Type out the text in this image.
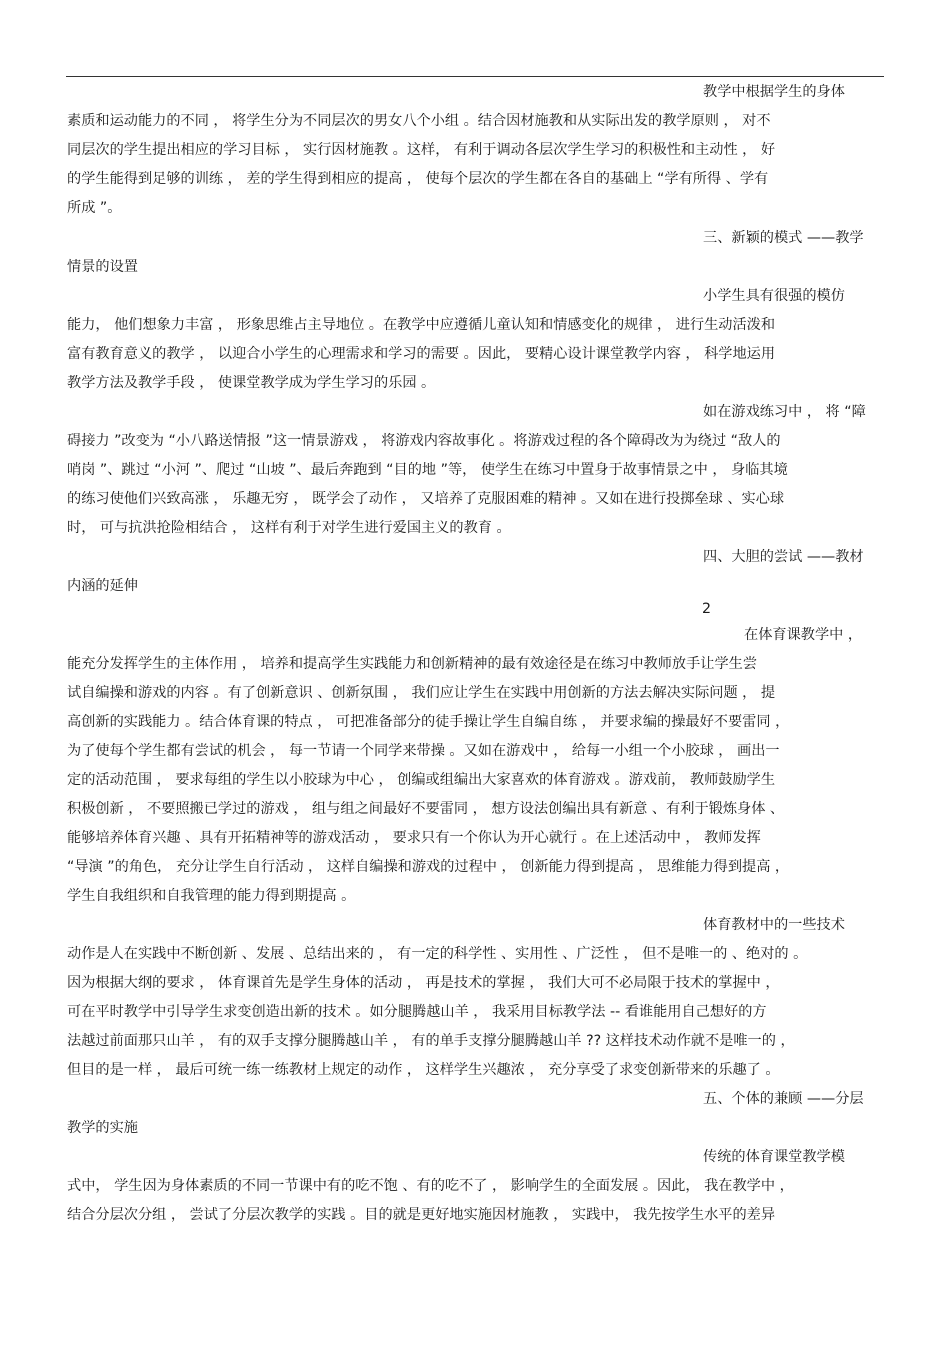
教学中根据学生的身体
素质和运动能力的不同 ， 将学生分为不同层次的男女八个小组 。结合因材施教和从实际出发的教学原则 ， 对不
同层次的学生提出相应的学习目标 ， 实行因材施教 。这样， 有利于调动各层次学生学习的积极性和主动性 ， 好
的学生能得到足够的训练 ， 差的学生得到相应的提高 ， 使每个层次的学生都在各自的基础上 “学有所得 、学有
所成 ”。
三、新颖的模式 ——教学
情景的设置
小学生具有很强的模仿
能力， 他们想象力丰富 ， 形象思维占主导地位 。在教学中应遵循儿童认知和情感变化的规律 ， 进行生动活泼和
富有教育意义的教学 ， 以迎合小学生的心理需求和学习的需要 。因此， 要精心设计课堂教学内容 ， 科学地运用
教学方法及教学手段 ， 使课堂教学成为学生学习的乐园 。
如在游戏练习中 ， 将 “障
碍接力 ”改变为 “小八路送情报 ”这一情景游戏 ， 将游戏内容故事化 。将游戏过程的各个障碍改为为绕过 “敌人的
哨岗 ”、跳过 “小河 ”、爬过 “山坡 ”、最后奔跑到 “目的地 ”等， 使学生在练习中置身于故事情景之中 ， 身临其境
的练习使他们兴致高涨 ， 乐趣无穷 ， 既学会了动作 ， 又培养了克服困难的精神 。又如在进行投掷垒球 、实心球
时， 可与抗洪抢险相结合 ， 这样有利于对学生进行爱国主义的教育 。
四、大胆的尝试 ——教材
内涵的延伸
2
在体育课教学中 ，
能充分发挥学生的主体作用 ， 培养和提高学生实践能力和创新精神的最有效途径是在练习中教师放手让学生尝
试自编操和游戏的内容 。有了创新意识 、创新氛围 ， 我们应让学生在实践中用创新的方法去解决实际问题 ， 提
高创新的实践能力 。结合体育课的特点 ， 可把准备部分的徒手操让学生自编自练 ， 并要求编的操最好不要雷同 ，
为了使每个学生都有尝试的机会 ， 每一节请一个同学来带操 。又如在游戏中 ， 给每一小组一个小胶球 ， 画出一
定的活动范围 ， 要求每组的学生以小胶球为中心 ， 创编或组编出大家喜欢的体育游戏 。游戏前， 教师鼓励学生
积极创新 ， 不要照搬已学过的游戏 ， 组与组之间最好不要雷同 ， 想方设法创编出具有新意 、有利于锻炼身体 、
能够培养体育兴趣 、具有开拓精神等的游戏活动 ， 要求只有一个你认为开心就行 。在上述活动中 ， 教师发挥
“导演 ”的角色， 充分让学生自行活动 ， 这样自编操和游戏的过程中 ， 创新能力得到提高 ， 思维能力得到提高 ，
学生自我组织和自我管理的能力得到期提高 。
体育教材中的一些技术
动作是人在实践中不断创新 、发展 、总结出来的 ， 有一定的科学性 、实用性 、广泛性 ， 但不是唯一的 、绝对的 。
因为根据大纲的要求 ， 体育课首先是学生身体的活动 ， 再是技术的掌握 ， 我们大可不必局限于技术的掌握中 ，
可在平时教学中引导学生求变创造出新的技术 。如分腿腾越山羊 ， 我采用目标教学法 -- 看谁能用自己想好的方
法越过前面那只山羊 ， 有的双手支撑分腿腾越山羊 ， 有的单手支撑分腿腾越山羊 ?? 这样技术动作就不是唯一的 ，
但目的是一样 ， 最后可统一练一练教材上规定的动作 ， 这样学生兴趣浓 ， 充分享受了求变创新带来的乐趣了 。
五、个体的兼顾 ——分层
教学的实施
传统的体育课堂教学模
式中， 学生因为身体素质的不同一节课中有的吃不饱 、有的吃不了 ， 影响学生的全面发展 。因此， 我在教学中 ，
结合分层次分组 ， 尝试了分层次教学的实践 。目的就是更好地实施因材施教 ， 实践中， 我先按学生水平的差异
